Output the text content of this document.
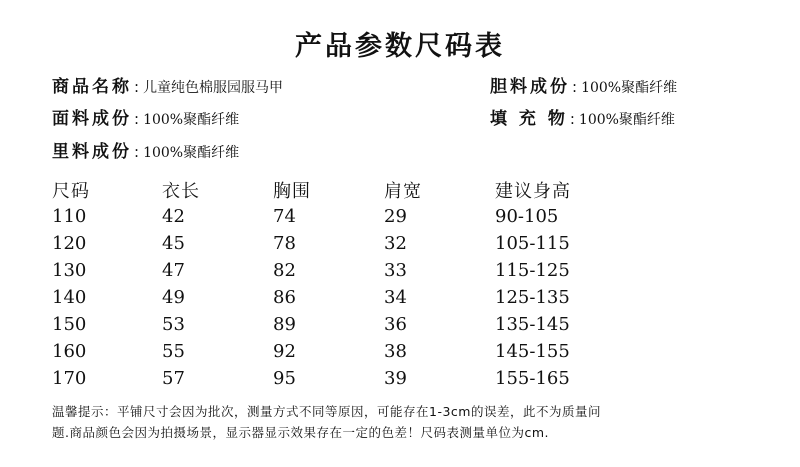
产品参数尺码表
商品名称 : 儿童纯色棉服园服马甲	胆料成份 : 100%聚酯纤维
面料成份 : 100%聚酯纤维	填 充 物 : 100%聚酯纤维
里料成份 : 100%聚酯纤维
尺码	衣长	胸围	肩宽	建议身高
110	42	74	29	90-105
120	45	78	32	105-115
130	47	82	33	115-125
140	49	86	34	125-135
150	53	89	36	135-145
160	55	92	38	145-155
170	57	95	39	155-165
温馨提示：平铺尺寸会因为批次，测量方式不同等原因，可能存在1-3cm的误差，此不为质量问
题.商品颜色会因为拍摄场景，显示器显示效果存在一定的色差！尺码表测量单位为cm.
